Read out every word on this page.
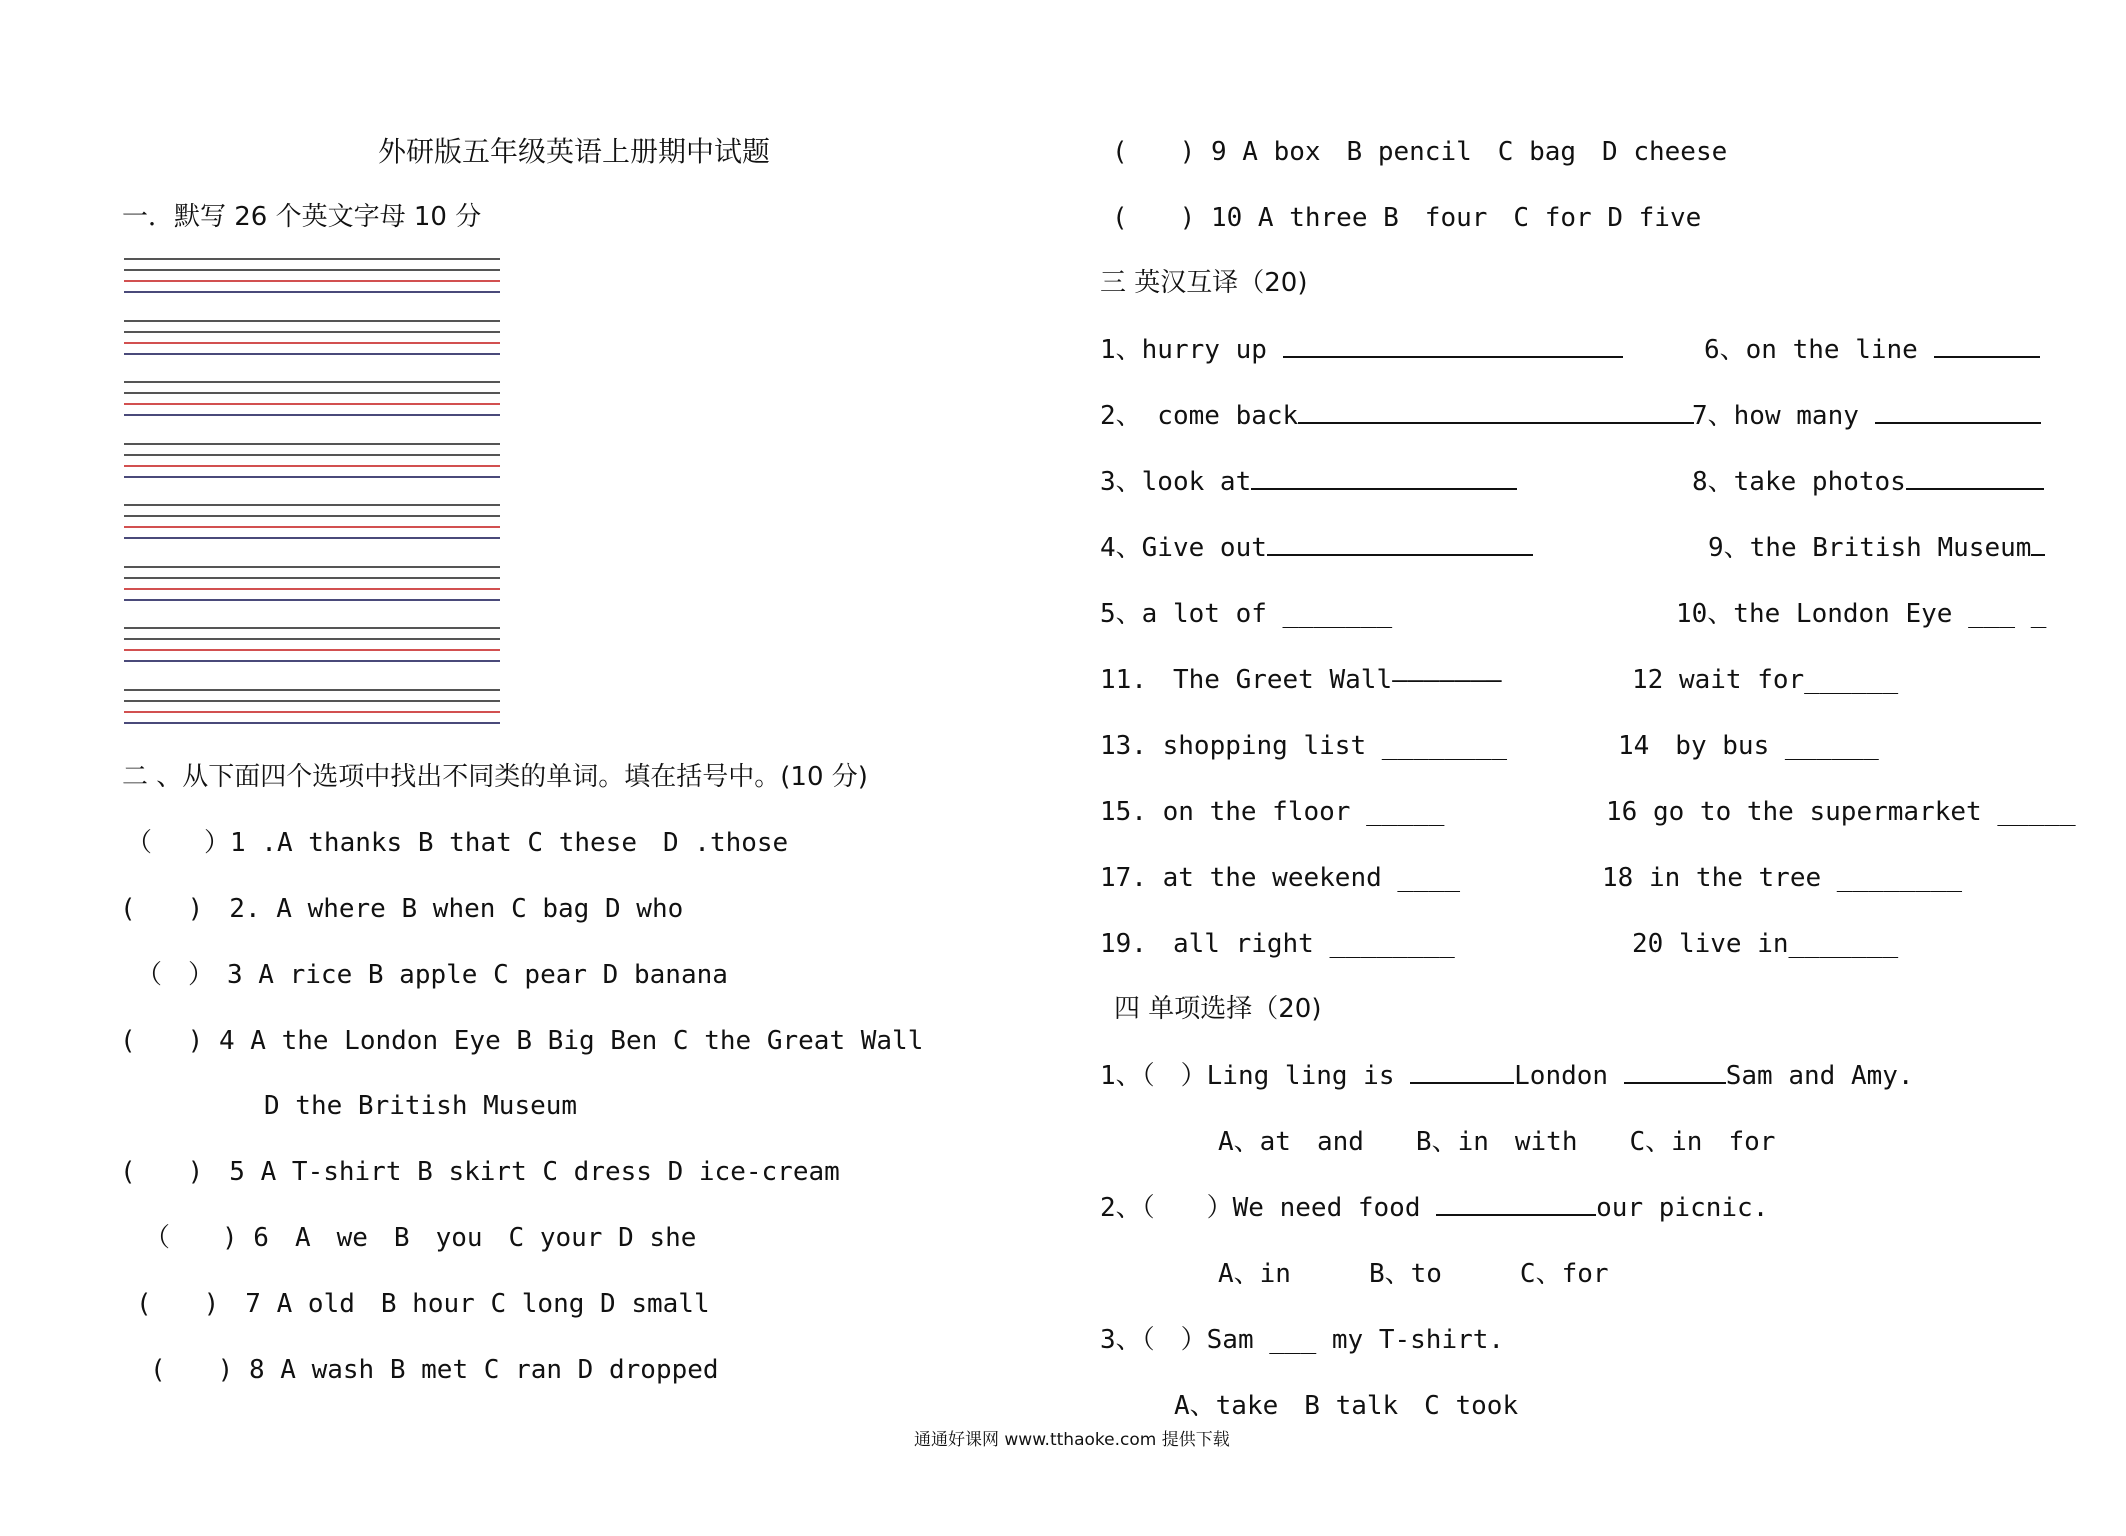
外研版五年级英语上册期中试题
一．默写 26 个英文字母 10 分
二 、从下面四个选项中找出不同类的单词。填在括号中。(10 分)
（　　）1 .A thanks B that C these　D .those
(　　)　2. A where B when C bag D who
（　）　3 A rice B apple C pear D banana
(　　) 4 A the London Eye B Big Ben C the Great Wall
D the British Museum
(　　)　5 A T-shirt B skirt C dress D ice-cream
（　　) 6　A　we　B　you　C your D she
(　　)　7 A old　B hour C long D small
(　　) 8 A wash B met C ran D dropped
(　　) 9 A box　B pencil　C bag　D cheese
(　　) 10 A three B　four　C for D five
三 英汉互译（20)
1、hurry up	6、on the line
2、 come back	7、how many
3、look at	8、take photos
4、Give out	9、the British Museum
5、a lot of _______	10、the London Eye ___ _
11.　The Greet Wall———————	12 wait for______
13. shopping list ________	14　by bus ______
15. on the floor _____	16 go to the supermarket _____
17. at the weekend ____	18 in the tree ________
19.　all right ________	20 live in_______
四 单项选择（20)
1、（　）Ling ling is	London	Sam and Amy.
A、at　and　　B、in　with　　C、in　for
2、（　　）We need food	our picnic.
A、in　　　B、to　　　C、for
3、（　）Sam ___ my T-shirt.
A、take　B talk　C took
通通好课网 www.tthaoke.com 提供下载
